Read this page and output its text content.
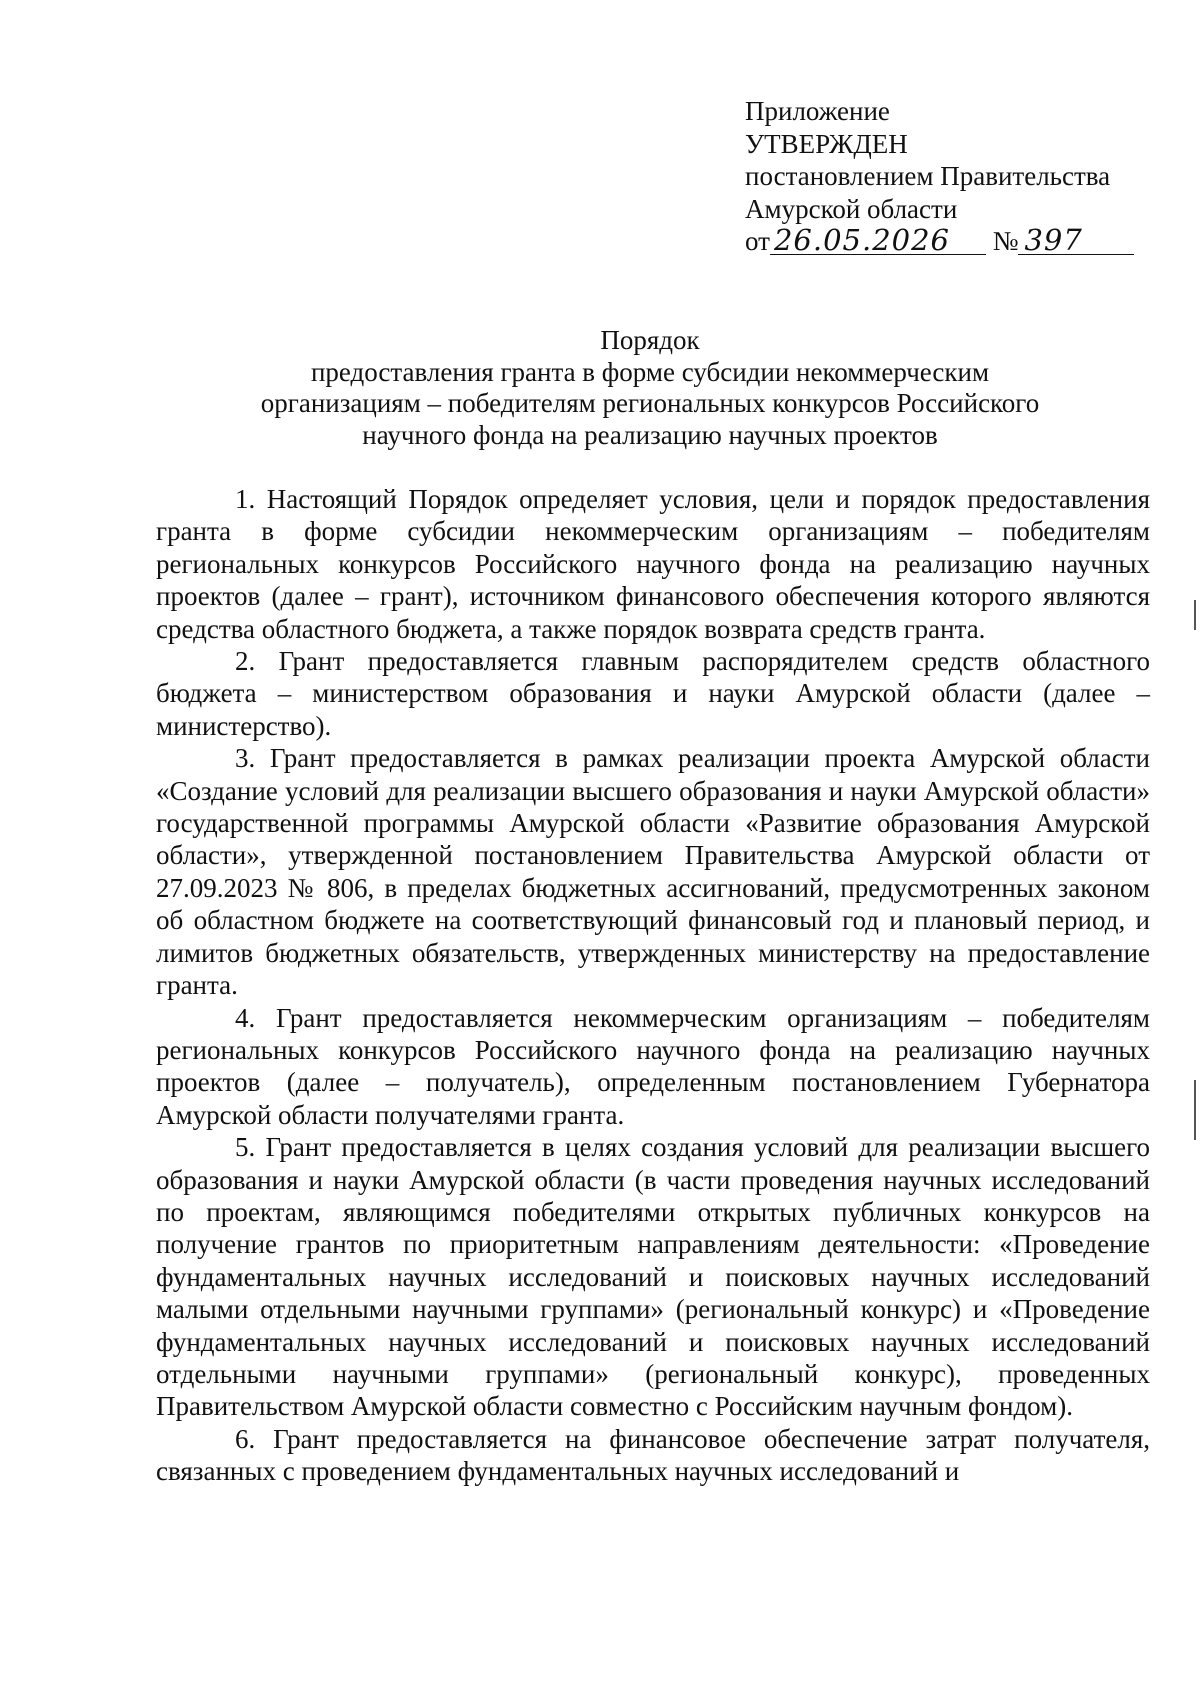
Приложение
УТВЕРЖДЕН
постановлением Правительства
Амурской области
от 26.05.2026 № 397
Порядок
предоставления гранта в форме субсидии некоммерческим
организациям – победителям региональных конкурсов Российского
научного фонда на реализацию научных проектов

1. Настоящий Порядок определяет условия, цели и порядок предоставления гранта в форме субсидии некоммерческим организациям – победителям региональных конкурсов Российского научного фонда на реализацию научных проектов (далее – грант), источником финансового обеспечения которого являются средства областного бюджета, а также порядок возврата средств гранта.

2. Грант предоставляется главным распорядителем средств областного бюджета – министерством образования и науки Амурской области (далее – министерство).

3. Грант предоставляется в рамках реализации проекта Амурской области «Создание условий для реализации высшего образования и науки Амурской области» государственной программы Амурской области «Развитие образования Амурской области», утвержденной постановлением Правительства Амурской области от 27.09.2023 № 806, в пределах бюджетных ассигнований, предусмотренных законом об областном бюджете на соответствующий финансовый год и плановый период, и лимитов бюджетных обязательств, утвержденных министерству на предоставление гранта.

4. Грант предоставляется некоммерческим организациям – победителям региональных конкурсов Российского научного фонда на реализацию научных проектов (далее – получатель), определенным постановлением Губернатора Амурской области получателями гранта.

5. Грант предоставляется в целях создания условий для реализации высшего образования и науки Амурской области (в части проведения научных исследований по проектам, являющимся победителями открытых публичных конкурсов на получение грантов по приоритетным направлениям деятельности: «Проведение фундаментальных научных исследований и поисковых научных исследований малыми отдельными научными группами» (региональный конкурс) и «Проведение фундаментальных научных исследований и поисковых научных исследований отдельными научными группами» (региональный конкурс), проведенных Правительством Амурской области совместно с Российским научным фондом).

6. Грант предоставляется на финансовое обеспечение затрат получателя, связанных с проведением фундаментальных научных исследований и
